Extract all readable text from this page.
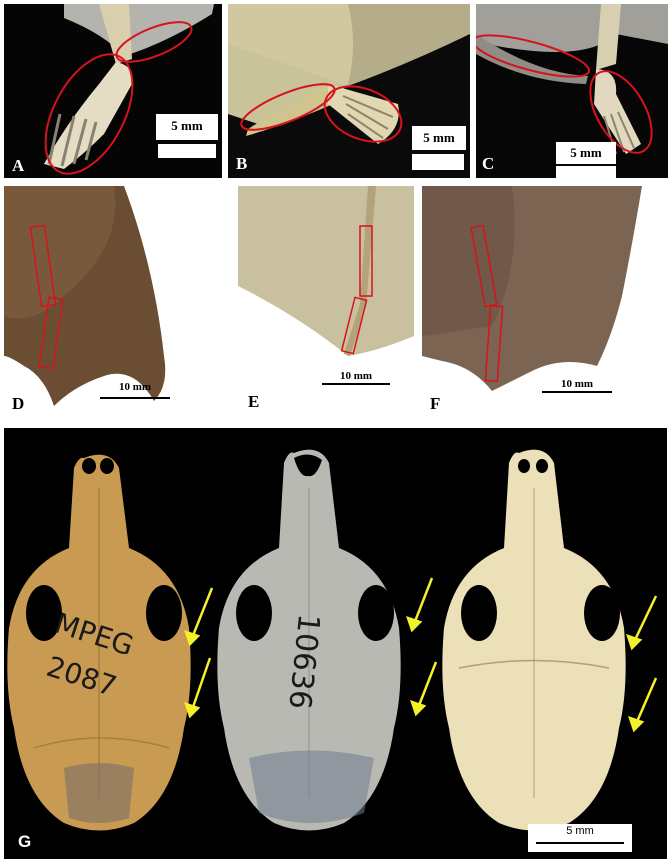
5 mm
A
5 mm
B
5 mm
C
10 mm
D
10 mm
E
10 mm
F
MPEG
2087	10636
5 mm
G
